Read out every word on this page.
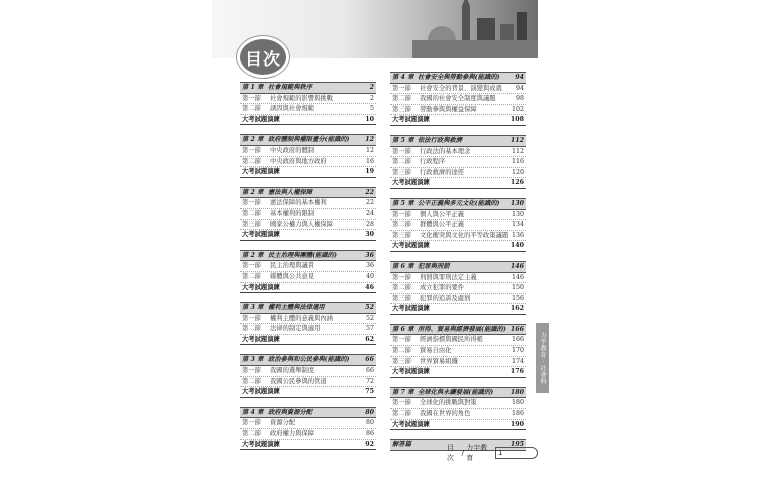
目次
第 1 章 社會規範與秩序	2
第一節	社會規範的影響與挑戰	2
第二節	誘因與社會規範	5
大考試題演練	10
第 2 章 政府體制與權限畫分(能識的) 12
第一節	中央政府的體制	12
第二節	中央政府與地方政府	16
大考試題演練	19
第 2 章 憲法與人權保障	22
第一節	憲法保障的基本權利	22
第二節	基本權利的限制	24
第三節	國家公權力與人權保障	28
大考試題演練	30
第 2 章 民主治理與團體(能識的)	36
第一節	民主治理與議責	36
第二節	媒體與公共意見	40
大考試題演練	46
第 3 章 權利主體與法律適用	52
第一節	權利主體的意義與內涵	52
第二節	法律的制定與適用	57
大考試題演練	62
第 3 章 政治參與和公民參與(能識的) 66
第一節	我國的選舉制度	66
第二節	我國公民參與的管道	72
大考試題演練	75
第 4 章 政府與資源分配	80
第一節	資源分配	80
第二節	政府權力與保障	86
大考試題演練	92
第 4 章 社會安全與勞動參與(能識的) 94
第一節	社會安全的背景、演變與成就 94
第二節	我國的社會安全制度與議題	98
第三節	勞動參與與權益保障	102
大考試題演練	108
第 5 章 依法行政與救濟	112
第一節	行政法的基本理念	112
第二節	行政程序	116
第三節	行政救濟的途徑	120
大考試題演練	126
第 5 章 公平正義與多元文化(能識的) 130
第一節	個人與公平正義	130
第二節	群體與公平正義	134
第三節	文化衝突與文化的平等政策議題 136
大考試題演練	140
第 6 章 犯罪與刑罰	146
第一節	刑罰與罪刑法定主義	146
第二節	成立犯罪的要件	150
第三節	犯罪的追訴及處罰	156
大考試題演練	162
第 6 章 所得、貿易與經濟發展(能識的) 166
第一節	經濟指標與國民所得帳	166
第二節	貿易自由化	170
第三節	世界貿易組織	174
大考試題演練	176
第 7 章 全球化與永續發展(能識的)	180
第一節	全球化的挑戰與對策	180
第二節	我國在世界的角色	186
大考試題演練	190
解答篇	195
力宇教育 · 社會科
目次
/
力宇教育
1
